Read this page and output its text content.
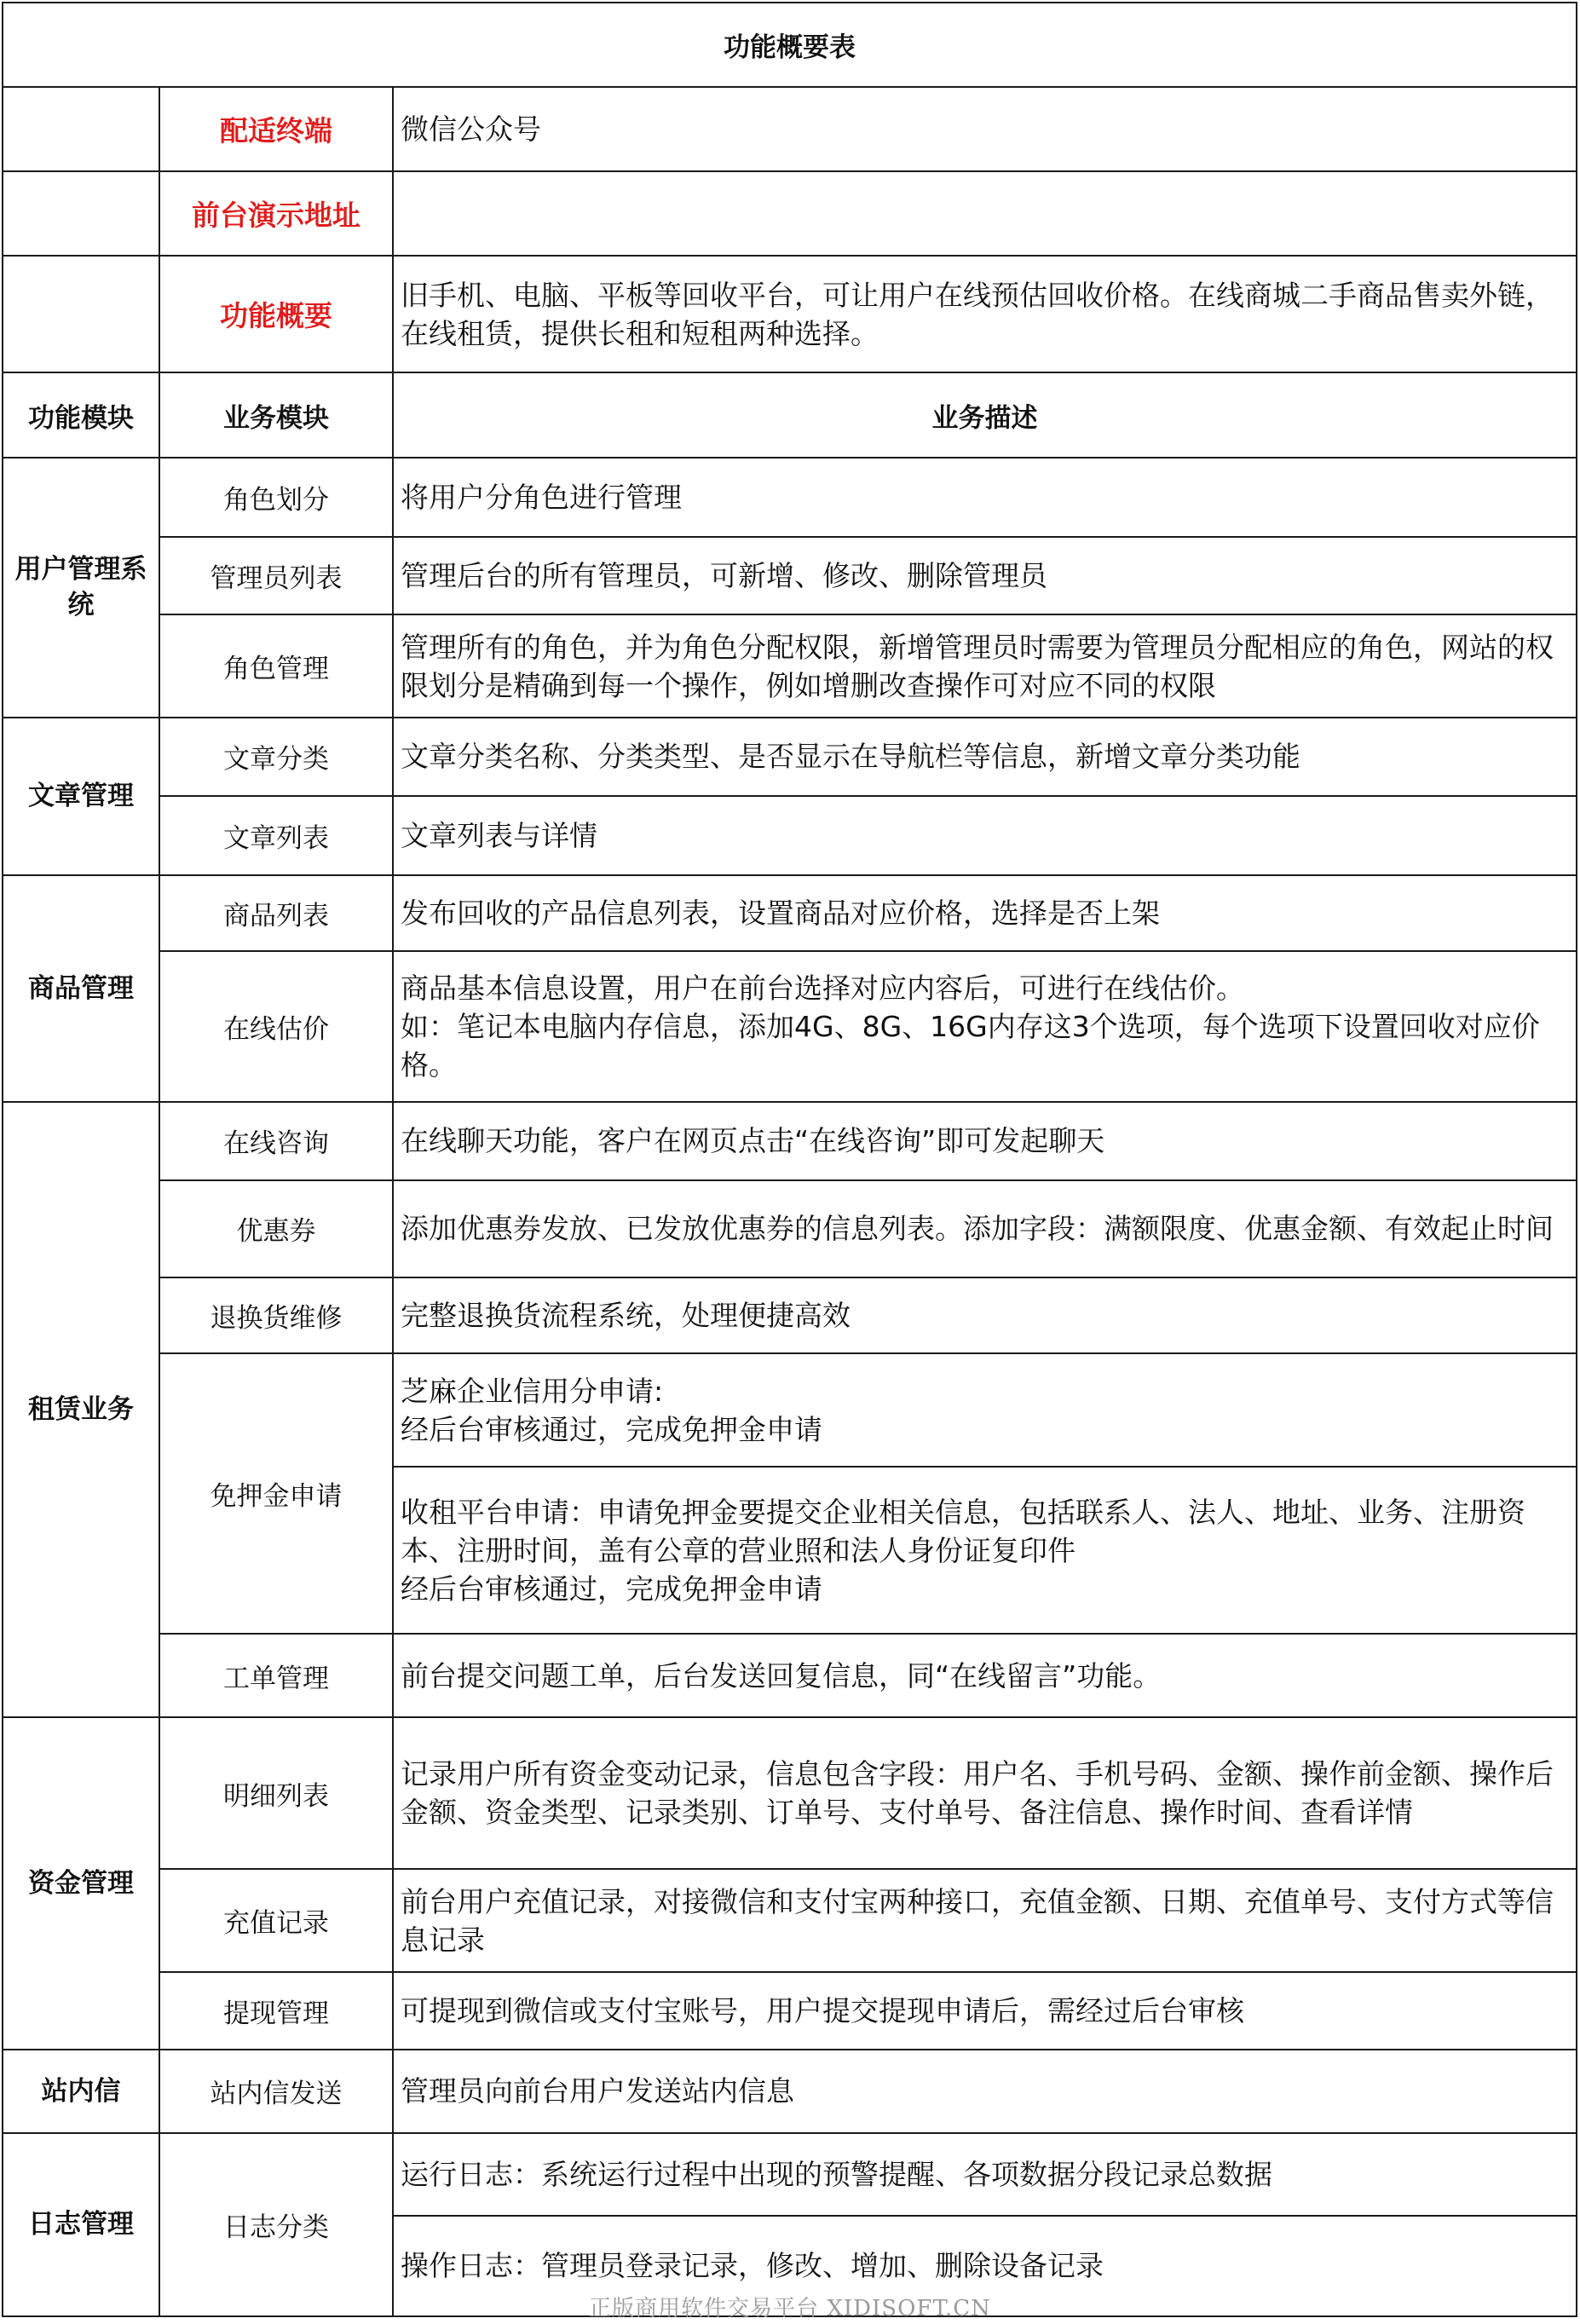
功能概要表		
	配适终端	微信公众号
	前台演示地址	
	功能概要	旧手机、电脑、平板等回收平台，可让用户在线预估回收价格。在线商城二手商品售卖外链，在线租赁，提供长租和短租两种选择。
功能模块	业务模块	业务描述
用户管理系统	角色划分	将用户分角色进行管理

	管理员列表	管理后台的所有管理员，可新增、修改、删除管理员

	角色管理	管理所有的角色，并为角色分配权限，新增管理员时需要为管理员分配相应的角色，网站的权限划分是精确到每一个操作，例如增删改查操作可对应不同的权限

文章管理	文章分类	文章分类名称、分类类型、是否显示在导航栏等信息，新增文章分类功能

	文章列表	文章列表与详情

商品管理	商品列表	发布回收的产品信息列表，设置商品对应价格，选择是否上架

	在线估价	商品基本信息设置，用户在前台选择对应内容后，可进行在线估价。
如：笔记本电脑内存信息，添加4G、8G、16G内存这3个选项，每个选项下设置回收对应价格。

租赁业务	在线咨询	在线聊天功能，客户在网页点击“在线咨询”即可发起聊天

	优惠券	添加优惠券发放、已发放优惠券的信息列表。添加字段：满额限度、优惠金额、有效起止时间

	退换货维修	完整退换货流程系统，处理便捷高效

	免押金申请	芝麻企业信用分申请:
经后台审核通过，完成免押金申请

		收租平台申请：申请免押金要提交企业相关信息，包括联系人、法人、地址、业务、注册资本、注册时间，盖有公章的营业照和法人身份证复印件
经后台审核通过，完成免押金申请

	工单管理	前台提交问题工单，后台发送回复信息，同“在线留言”功能。

资金管理	明细列表	记录用户所有资金变动记录，信息包含字段：用户名、手机号码、金额、操作前金额、操作后金额、资金类型、记录类别、订单号、支付单号、备注信息、操作时间、查看详情

	充值记录	前台用户充值记录，对接微信和支付宝两种接口，充值金额、日期、充值单号、支付方式等信息记录

	提现管理	可提现到微信或支付宝账号，用户提交提现申请后，需经过后台审核

站内信	站内信发送	管理员向前台用户发送站内信息

日志管理	日志分类	运行日志：系统运行过程中出现的预警提醒、各项数据分段记录总数据

		操作日志：管理员登录记录，修改、增加、删除设备记录
正版商用软件交易平台 XIDISOFT.CN
